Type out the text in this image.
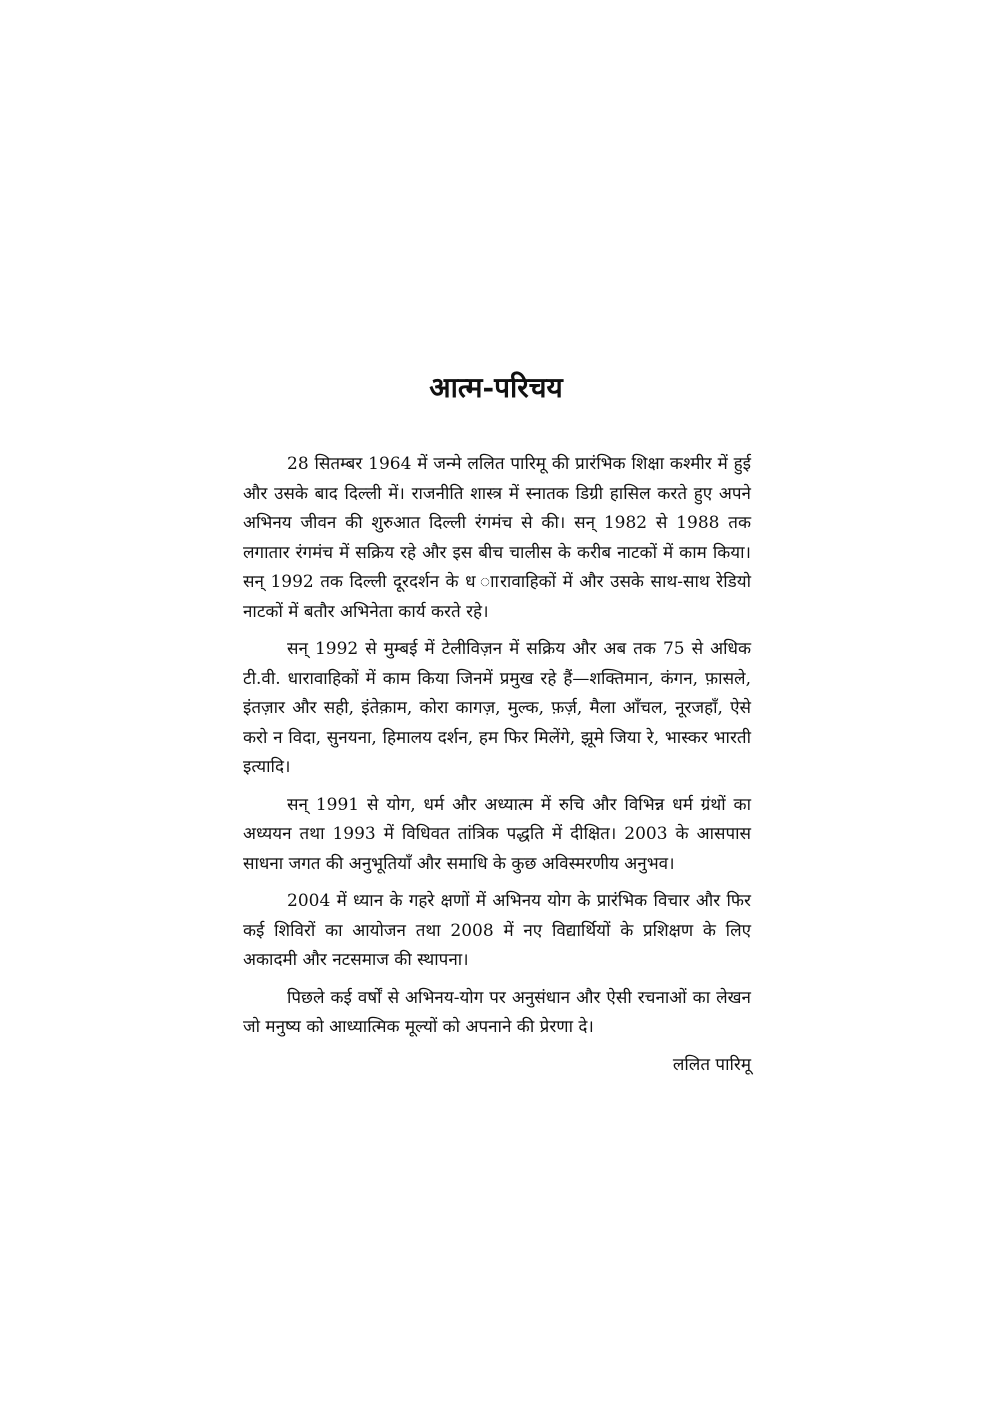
आत्म-परिचय

28 सितम्बर 1964 में जन्मे ललित पारिमू की प्रारंभिक शिक्षा कश्मीर में हुई और उसके बाद दिल्ली में। राजनीति शास्त्र में स्नातक डिग्री हासिल करते हुए अपने अभिनय जीवन की शुरुआत दिल्ली रंगमंच से की। सन् 1982 से 1988 तक लगातार रंगमंच में सक्रिय रहे और इस बीच चालीस के करीब नाटकों में काम किया। सन् 1992 तक दिल्ली दूरदर्शन के ध ाारावाहिकों में और उसके साथ-साथ रेडियो नाटकों में बतौर अभिनेता कार्य करते रहे।

सन् 1992 से मुम्बई में टेलीविज़न में सक्रिय और अब तक 75 से अधिक टी.वी. धारावाहिकों में काम किया जिनमें प्रमुख रहे हैं—शक्तिमान, कंगन, फ़ासले, इंतज़ार और सही, इंतेक़ाम, कोरा कागज़, मुल्क, फ़र्ज़, मैला आँचल, नूरजहाँ, ऐसे करो न विदा, सुनयना, हिमालय दर्शन, हम फिर मिलेंगे, झूमे जिया रे, भास्कर भारती इत्यादि।

सन् 1991 से योग, धर्म और अध्यात्म में रुचि और विभिन्न धर्म ग्रंथों का अध्ययन तथा 1993 में विधिवत तांत्रिक पद्धति में दीक्षित। 2003 के आसपास साधना जगत की अनुभूतियाँ और समाधि के कुछ अविस्मरणीय अनुभव।

2004 में ध्यान के गहरे क्षणों में अभिनय योग के प्रारंभिक विचार और फिर कई शिविरों का आयोजन तथा 2008 में नए विद्यार्थियों के प्रशिक्षण के लिए अकादमी और नटसमाज की स्थापना।

पिछले कई वर्षों से अभिनय-योग पर अनुसंधान और ऐसी रचनाओं का लेखन जो मनुष्य को आध्यात्मिक मूल्यों को अपनाने की प्रेरणा दे।

ललित पारिमू
